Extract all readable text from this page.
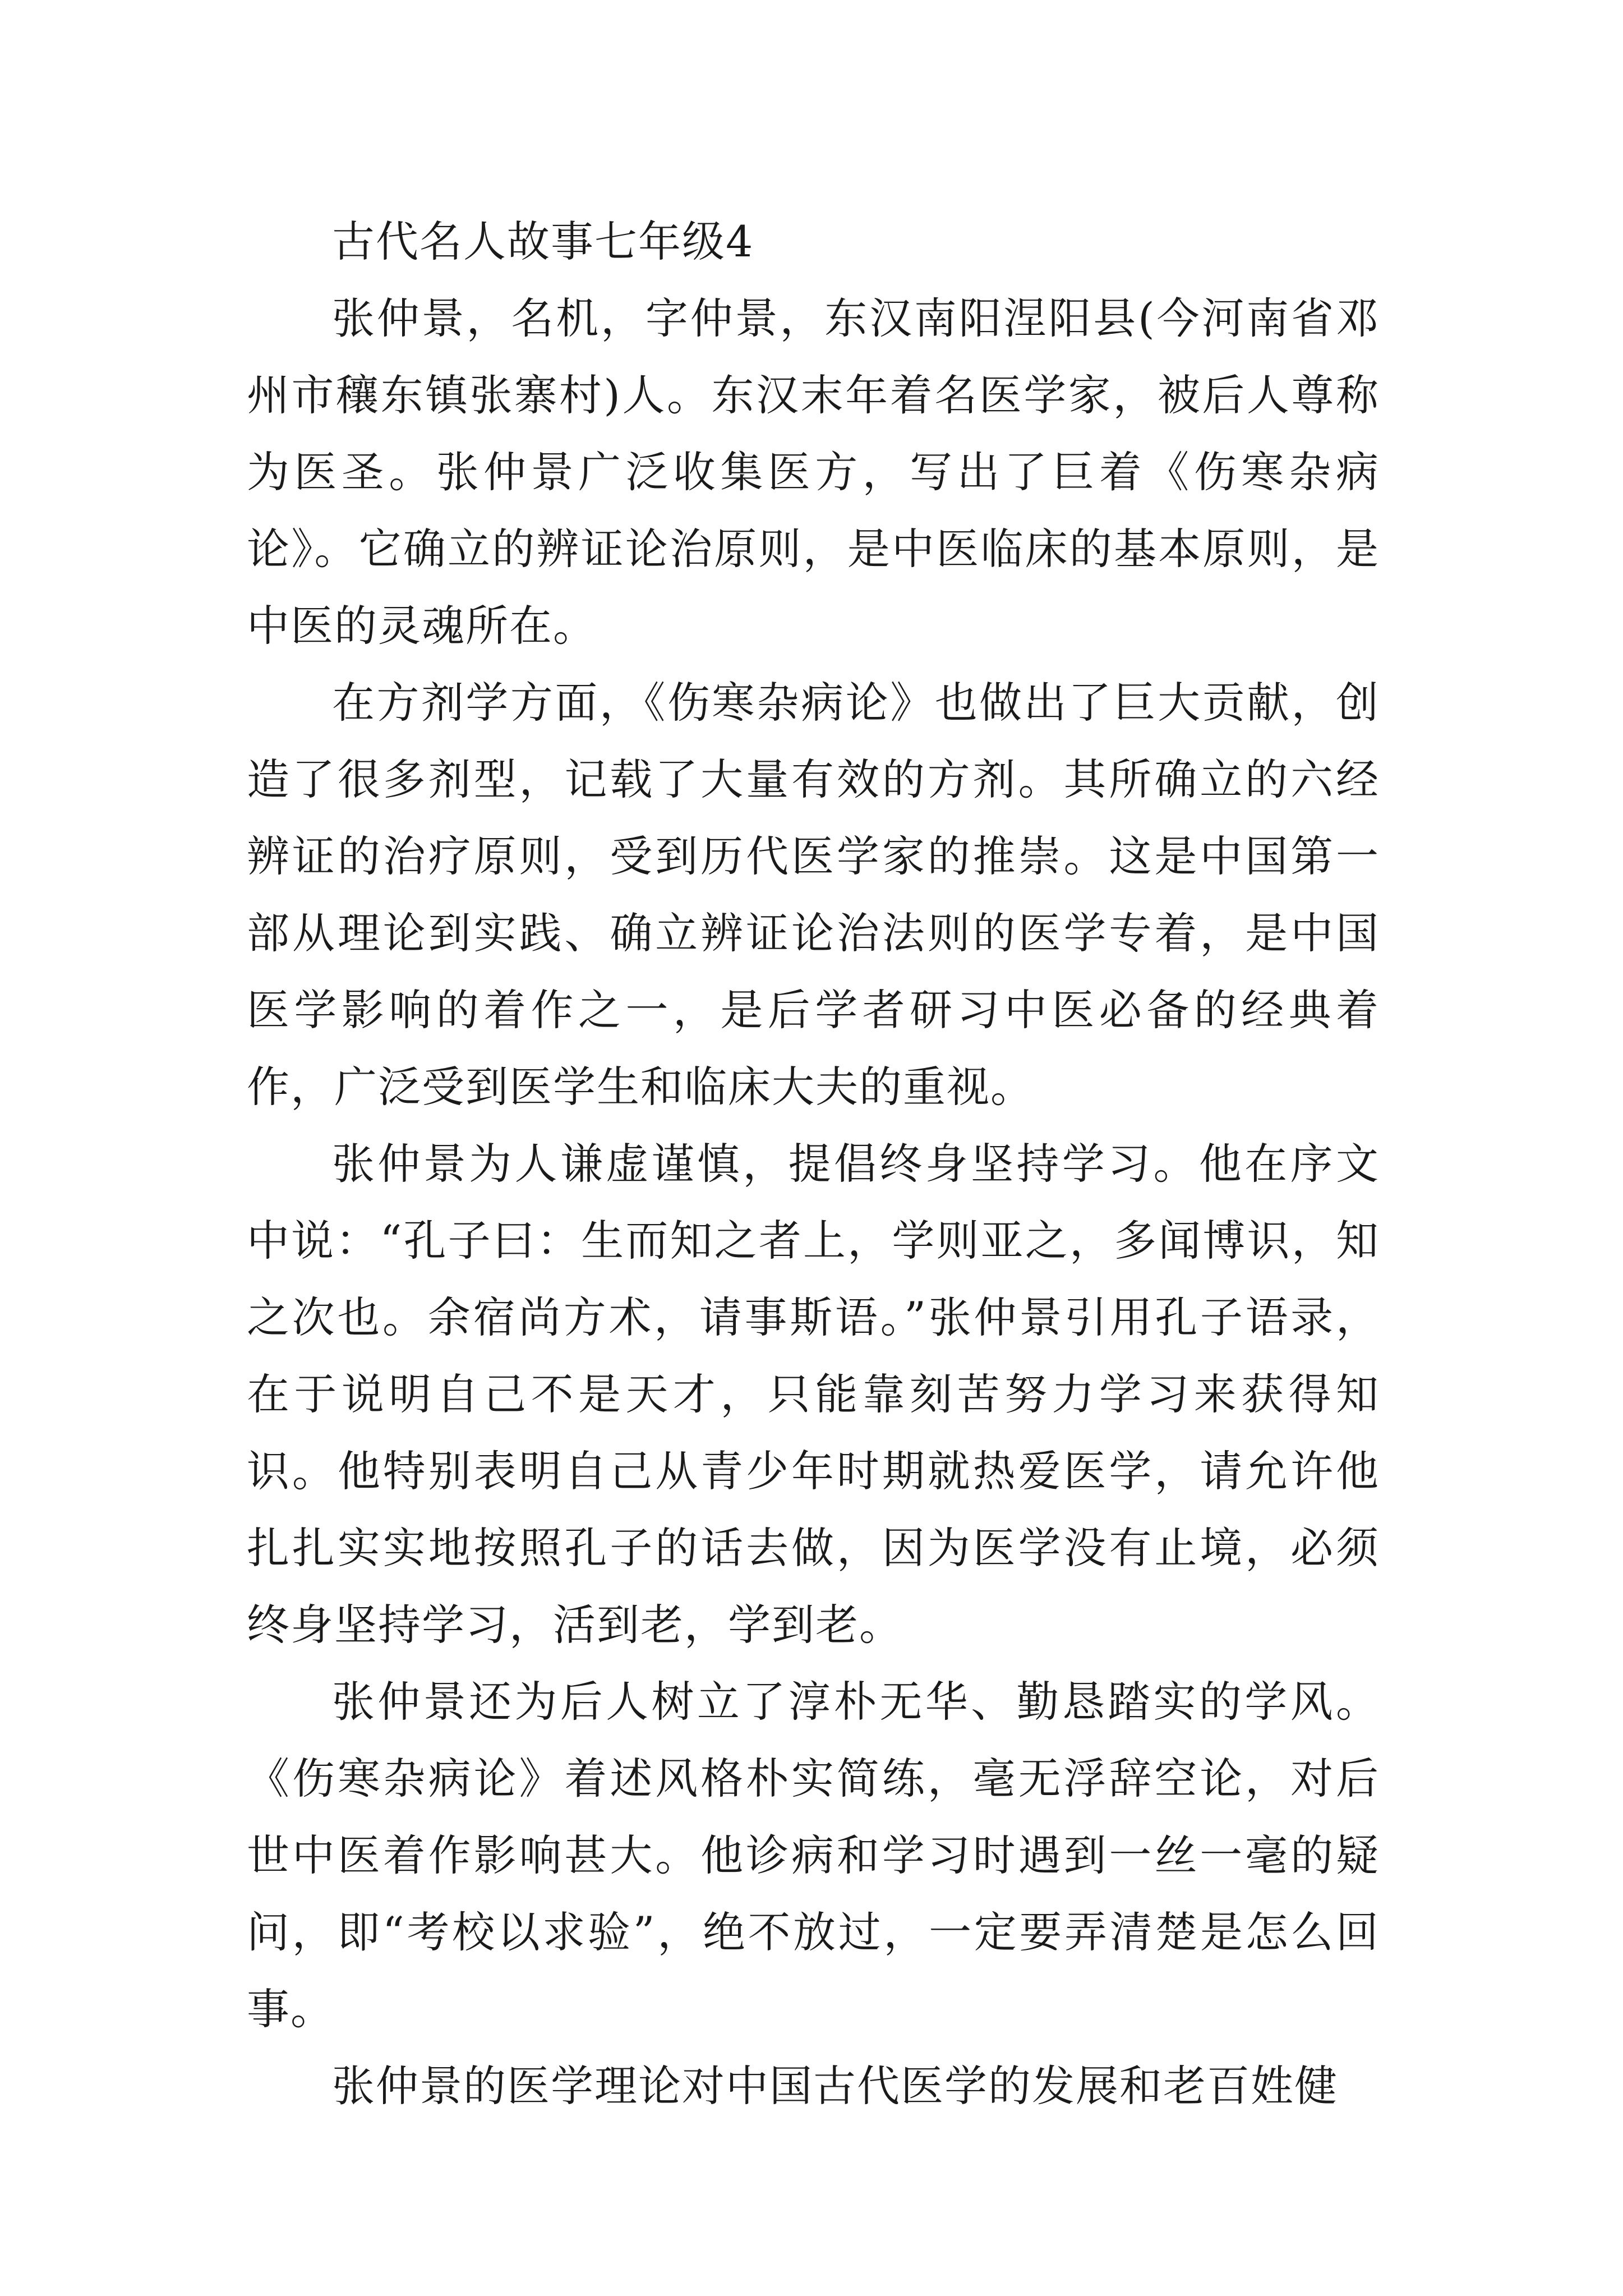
古代名人故事七年级4

张仲景，名机，字仲景，东汉南阳涅阳县(今河南省邓州市穰东镇张寨村)人。东汉末年着名医学家，被后人尊称为医圣。张仲景广泛收集医方，写出了巨着《伤寒杂病论》。它确立的辨证论治原则，是中医临床的基本原则，是中医的灵魂所在。

在方剂学方面，《伤寒杂病论》也做出了巨大贡献，创造了很多剂型，记载了大量有效的方剂。其所确立的六经辨证的治疗原则，受到历代医学家的推崇。这是中国第一部从理论到实践、确立辨证论治法则的医学专着，是中国医学影响的着作之一，是后学者研习中医必备的经典着作，广泛受到医学生和临床大夫的重视。

张仲景为人谦虚谨慎，提倡终身坚持学习。他在序文中说：“孔子曰：生而知之者上，学则亚之，多闻博识，知之次也。余宿尚方术，请事斯语。”张仲景引用孔子语录，在于说明自己不是天才，只能靠刻苦努力学习来获得知识。他特别表明自己从青少年时期就热爱医学，请允许他扎扎实实地按照孔子的话去做，因为医学没有止境，必须终身坚持学习，活到老，学到老。

张仲景还为后人树立了淳朴无华、勤恳踏实的学风。《伤寒杂病论》着述风格朴实简练，毫无浮辞空论，对后世中医着作影响甚大。他诊病和学习时遇到一丝一毫的疑问，即“考校以求验”，绝不放过，一定要弄清楚是怎么回事。

张仲景的医学理论对中国古代医学的发展和老百姓健
